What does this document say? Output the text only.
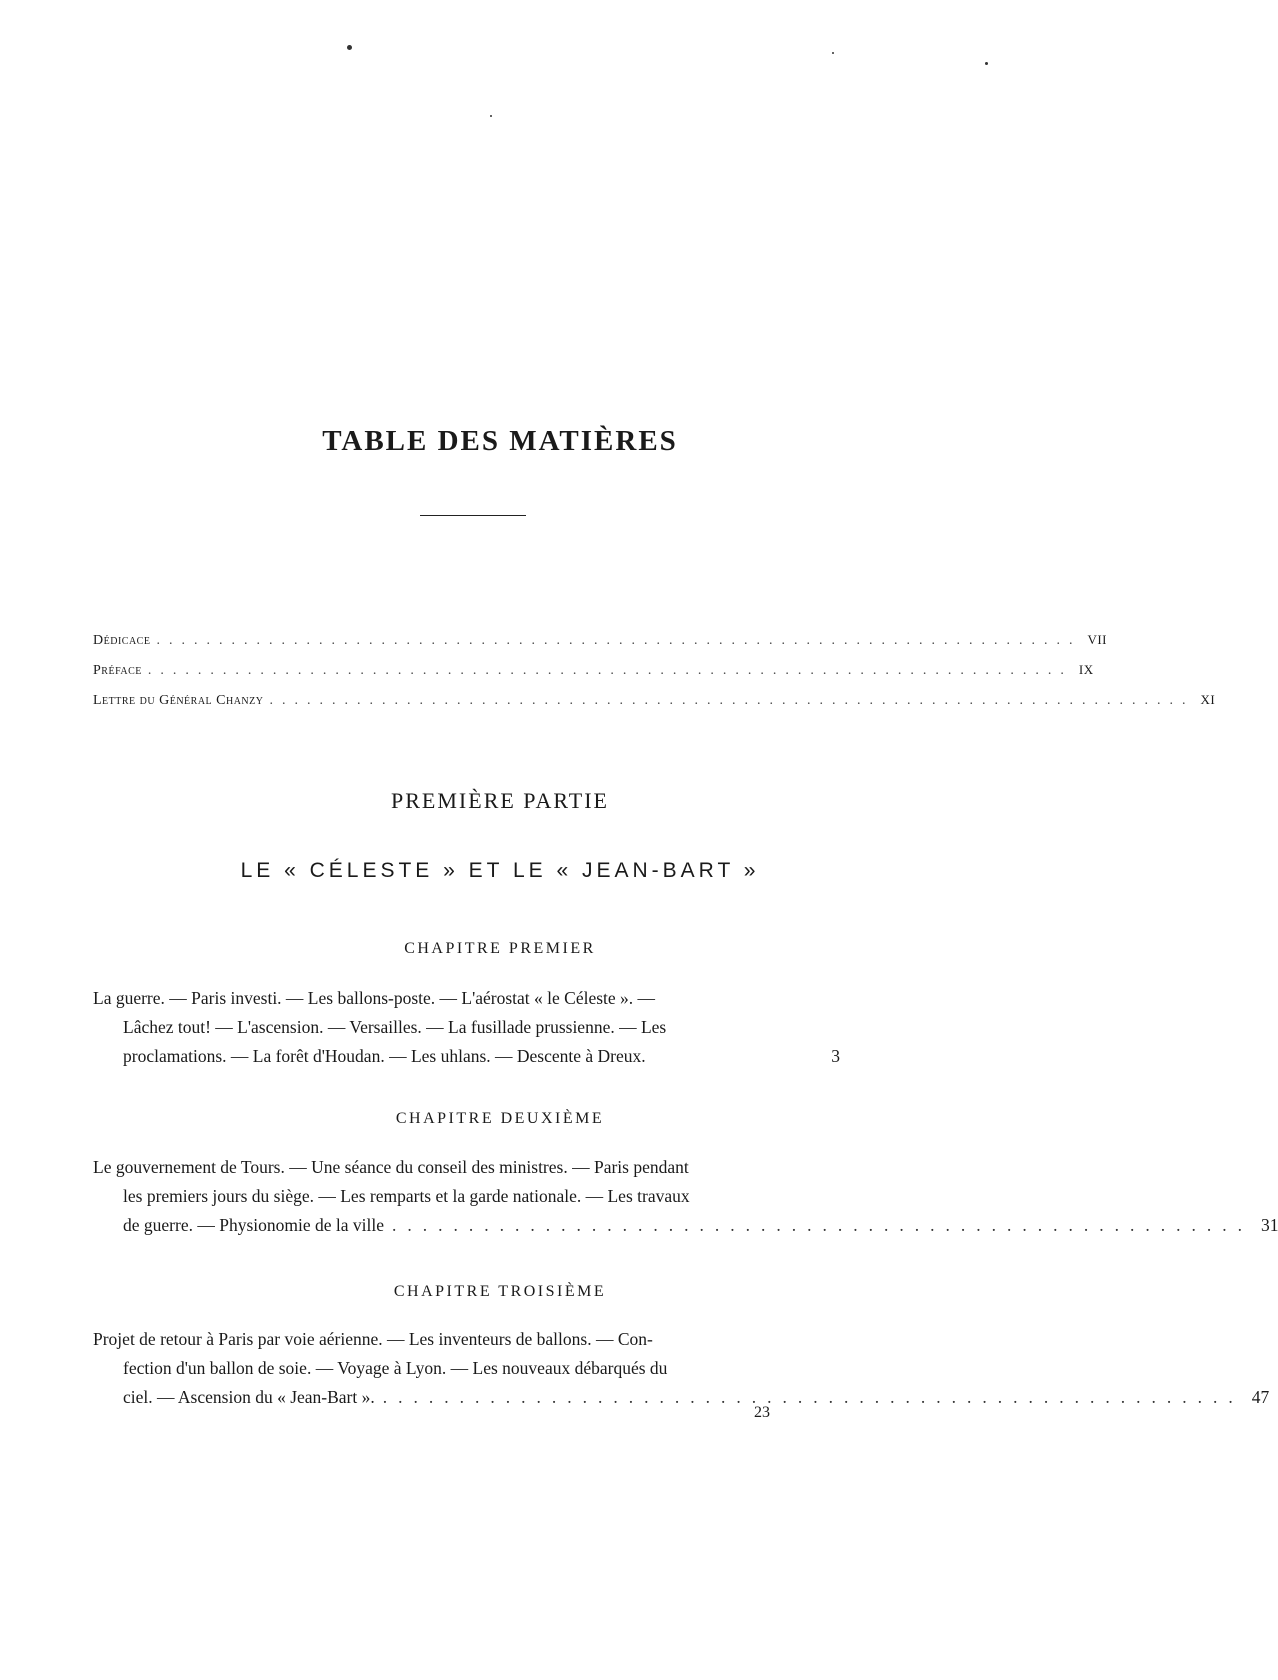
TABLE DES MATIÈRES
Dédicace .......................................................................... VII
Préface .......................................................................... IX
Lettre du Général Chanzy .......................................................................... XI
PREMIÈRE PARTIE
LE « CÉLESTE » ET LE « JEAN-BART »
CHAPITRE PREMIER
La guerre. — Paris investi. — Les ballons-poste. — L'aérostat « le Céleste ». —
Lâchez tout! — L'ascension. — Versailles. — La fusillade prussienne. — Les
proclamations. — La forêt d'Houdan. — Les uhlans. — Descente à Dreux.	3
CHAPITRE DEUXIÈME
Le gouvernement de Tours. — Une séance du conseil des ministres. — Paris pendant
les premiers jours du siège. — Les remparts et la garde nationale. — Les travaux
de guerre. — Physionomie de la ville ........................................................ 31
CHAPITRE TROISIÈME
Projet de retour à Paris par voie aérienne. — Les inventeurs de ballons. — Con-
fection d'un ballon de soie. — Voyage à Lyon. — Les nouveaux débarqués du
ciel. — Ascension du « Jean-Bart ». ........................................................ 47
23
